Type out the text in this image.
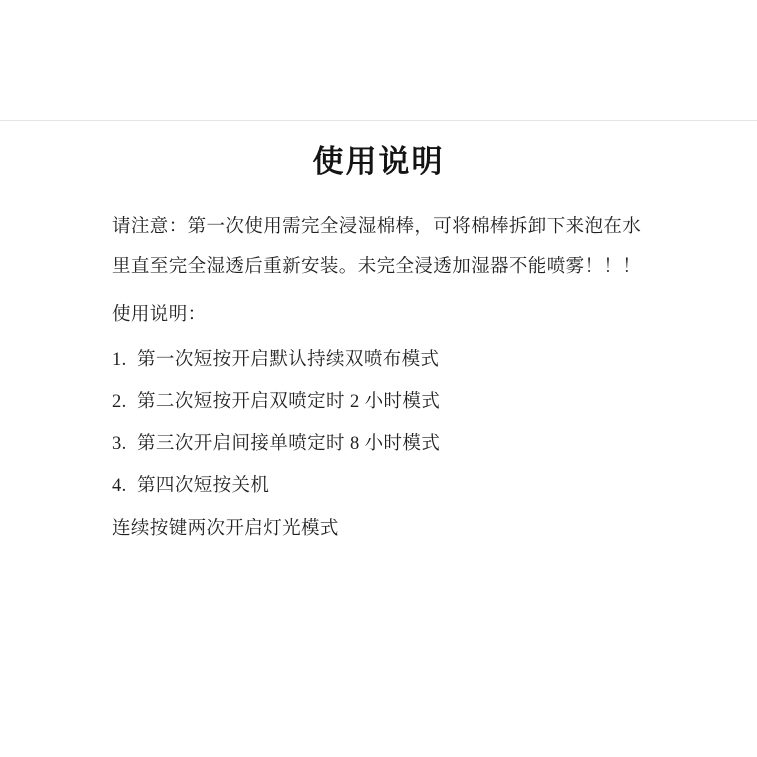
使用说明

请注意：第一次使用需完全浸湿棉棒，可将棉棒拆卸下来泡在水里直至完全湿透后重新安装。未完全浸透加湿器不能喷雾！！！

使用说明：

1. 第一次短按开启默认持续双喷布模式
2. 第二次短按开启双喷定时 2 小时模式
3. 第三次开启间接单喷定时 8 小时模式
4. 第四次短按关机

连续按键两次开启灯光模式
